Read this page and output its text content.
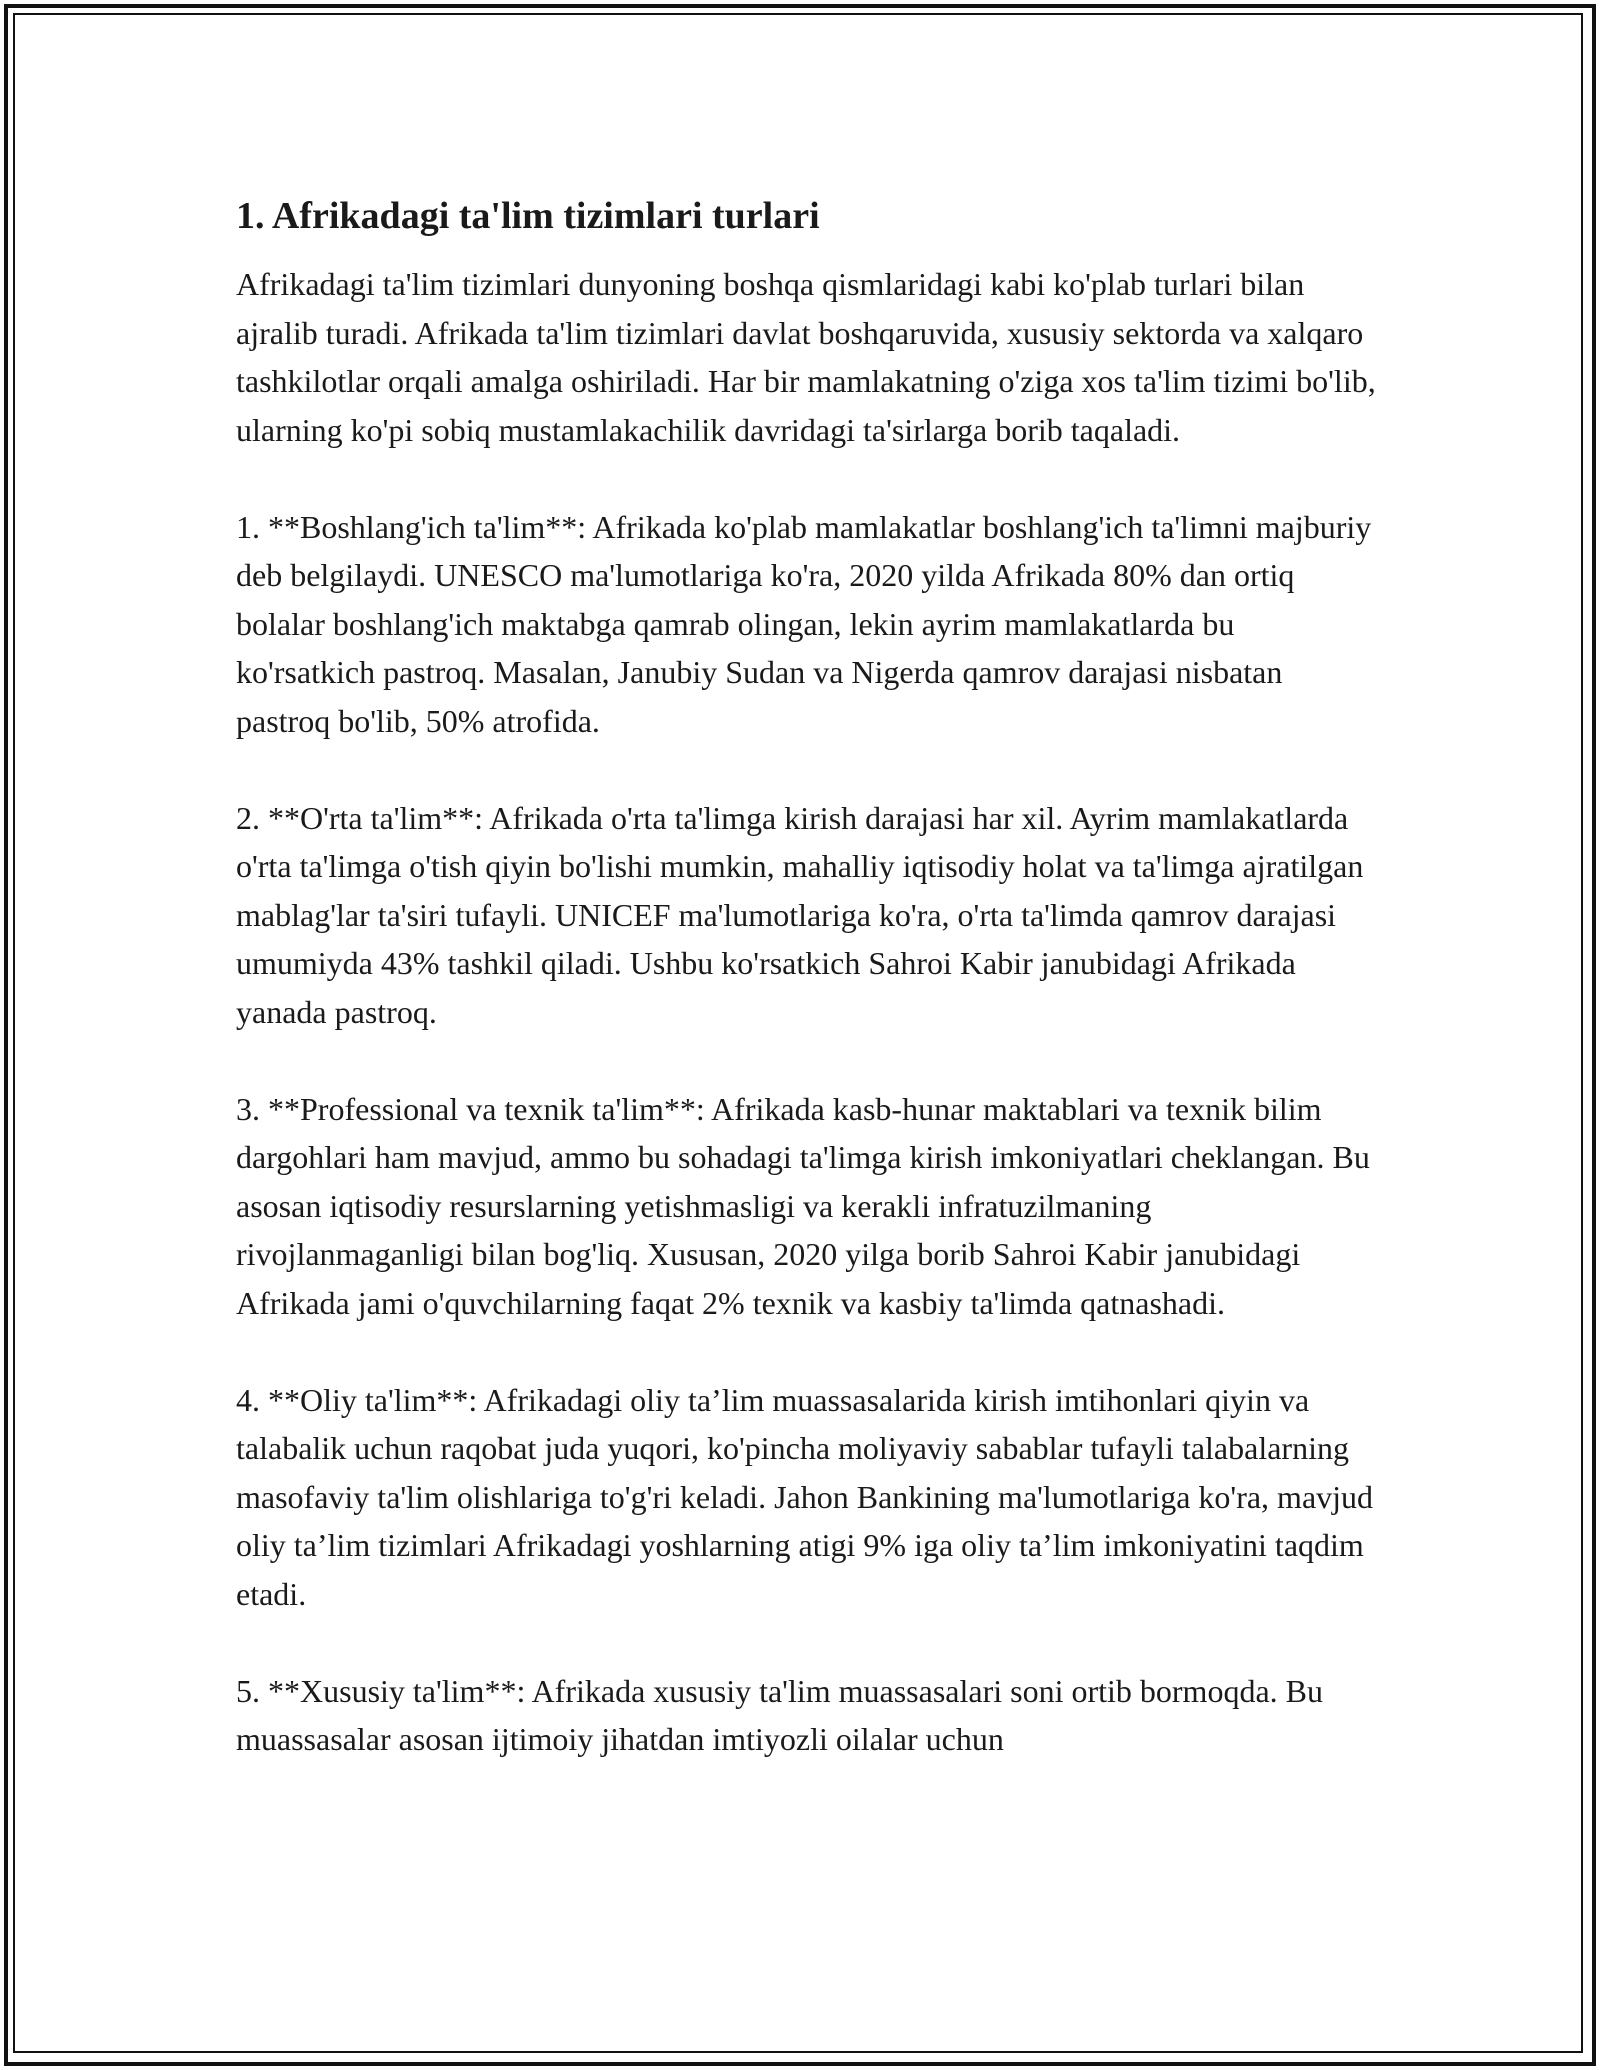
1. Afrikadagi ta'lim tizimlari turlari

Afrikadagi ta'lim tizimlari dunyoning boshqa qismlaridagi kabi ko'plab turlari bilan ajralib turadi. Afrikada ta'lim tizimlari davlat boshqaruvida, xususiy sektorda va xalqaro tashkilotlar orqali amalga oshiriladi. Har bir mamlakatning o'ziga xos ta'lim tizimi bo'lib, ularning ko'pi sobiq mustamlakachilik davridagi ta'sirlarga borib taqaladi.

1. **Boshlang'ich ta'lim**: Afrikada ko'plab mamlakatlar boshlang'ich ta'limni majburiy deb belgilaydi. UNESCO ma'lumotlariga ko'ra, 2020 yilda Afrikada 80% dan ortiq bolalar boshlang'ich maktabga qamrab olingan, lekin ayrim mamlakatlarda bu ko'rsatkich pastroq. Masalan, Janubiy Sudan va Nigerda qamrov darajasi nisbatan pastroq bo'lib, 50% atrofida.

2. **O'rta ta'lim**: Afrikada o'rta ta'limga kirish darajasi har xil. Ayrim mamlakatlarda o'rta ta'limga o'tish qiyin bo'lishi mumkin, mahalliy iqtisodiy holat va ta'limga ajratilgan mablag'lar ta'siri tufayli. UNICEF ma'lumotlariga ko'ra, o'rta ta'limda qamrov darajasi umumiyda 43% tashkil qiladi. Ushbu ko'rsatkich Sahroi Kabir janubidagi Afrikada yanada pastroq.

3. **Professional va texnik ta'lim**: Afrikada kasb-hunar maktablari va texnik bilim dargohlari ham mavjud, ammo bu sohadagi ta'limga kirish imkoniyatlari cheklangan. Bu asosan iqtisodiy resurslarning yetishmasligi va kerakli infratuzilmaning rivojlanmaganligi bilan bog'liq. Xususan, 2020 yilga borib Sahroi Kabir janubidagi Afrikada jami o'quvchilarning faqat 2% texnik va kasbiy ta'limda qatnashadi.

4. **Oliy ta'lim**: Afrikadagi oliy ta’lim muassasalarida kirish imtihonlari qiyin va talabalik uchun raqobat juda yuqori, ko'pincha moliyaviy sabablar tufayli talabalarning masofaviy ta'lim olishlariga to'g'ri keladi. Jahon Bankining ma'lumotlariga ko'ra, mavjud oliy ta’lim tizimlari Afrikadagi yoshlarning atigi 9% iga oliy ta’lim imkoniyatini taqdim etadi.

5. **Xususiy ta'lim**: Afrikada xususiy ta'lim muassasalari soni ortib bormoqda. Bu muassasalar asosan ijtimoiy jihatdan imtiyozli oilalar uchun
